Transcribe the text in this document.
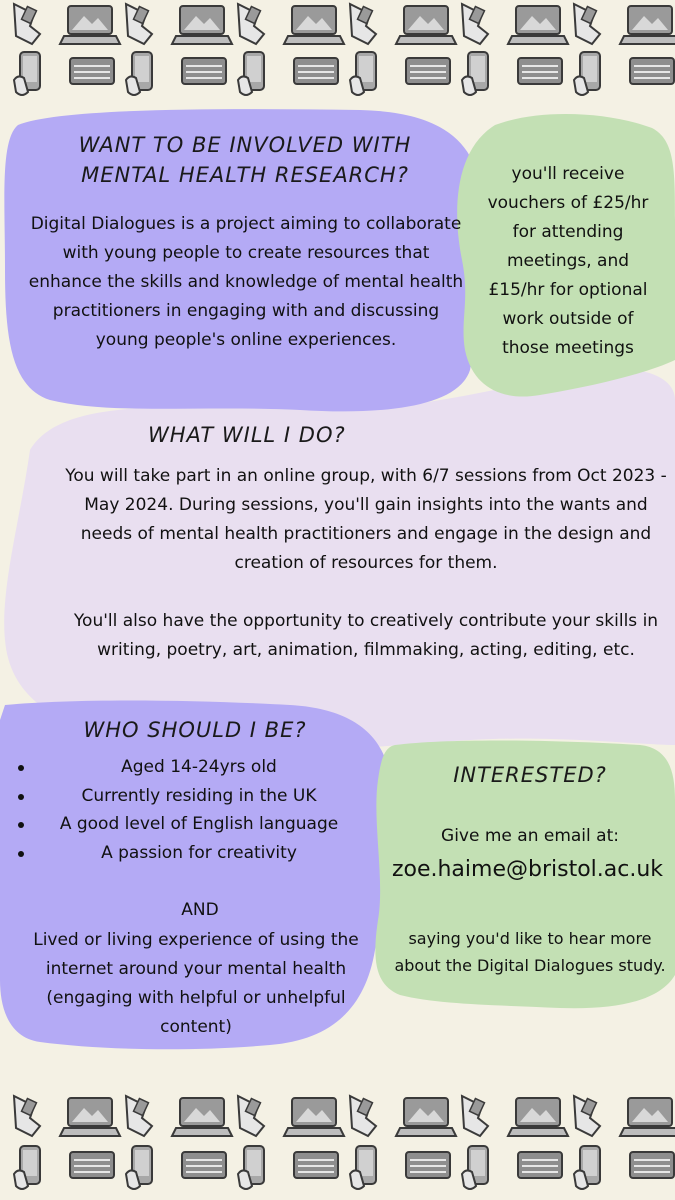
WANT TO BE INVOLVED WITH MENTAL HEALTH RESEARCH?

Digital Dialogues is a project aiming to collaborate with young people to create resources that enhance the skills and knowledge of mental health practitioners in engaging with and discussing young people's online experiences.

you'll receive vouchers of £25/hr for attending meetings, and £15/hr for optional work outside of those meetings

WHAT WILL I DO?

You will take part in an online group, with 6/7 sessions from Oct 2023 - May 2024. During sessions, you'll gain insights into the wants and needs of mental health practitioners and engage in the design and creation of resources for them.

You'll also have the opportunity to creatively contribute your skills in writing, poetry, art, animation, filmmaking, acting, editing, etc.

WHO SHOULD I BE?

Aged 14-24yrs old
Currently residing in the UK
A good level of English language
A passion for creativity

AND

Lived or living experience of using the internet around your mental health (engaging with helpful or unhelpful content)

INTERESTED?

Give me an email at:

zoe.haime@bristol.ac.uk

saying you'd like to hear more about the Digital Dialogues study.
